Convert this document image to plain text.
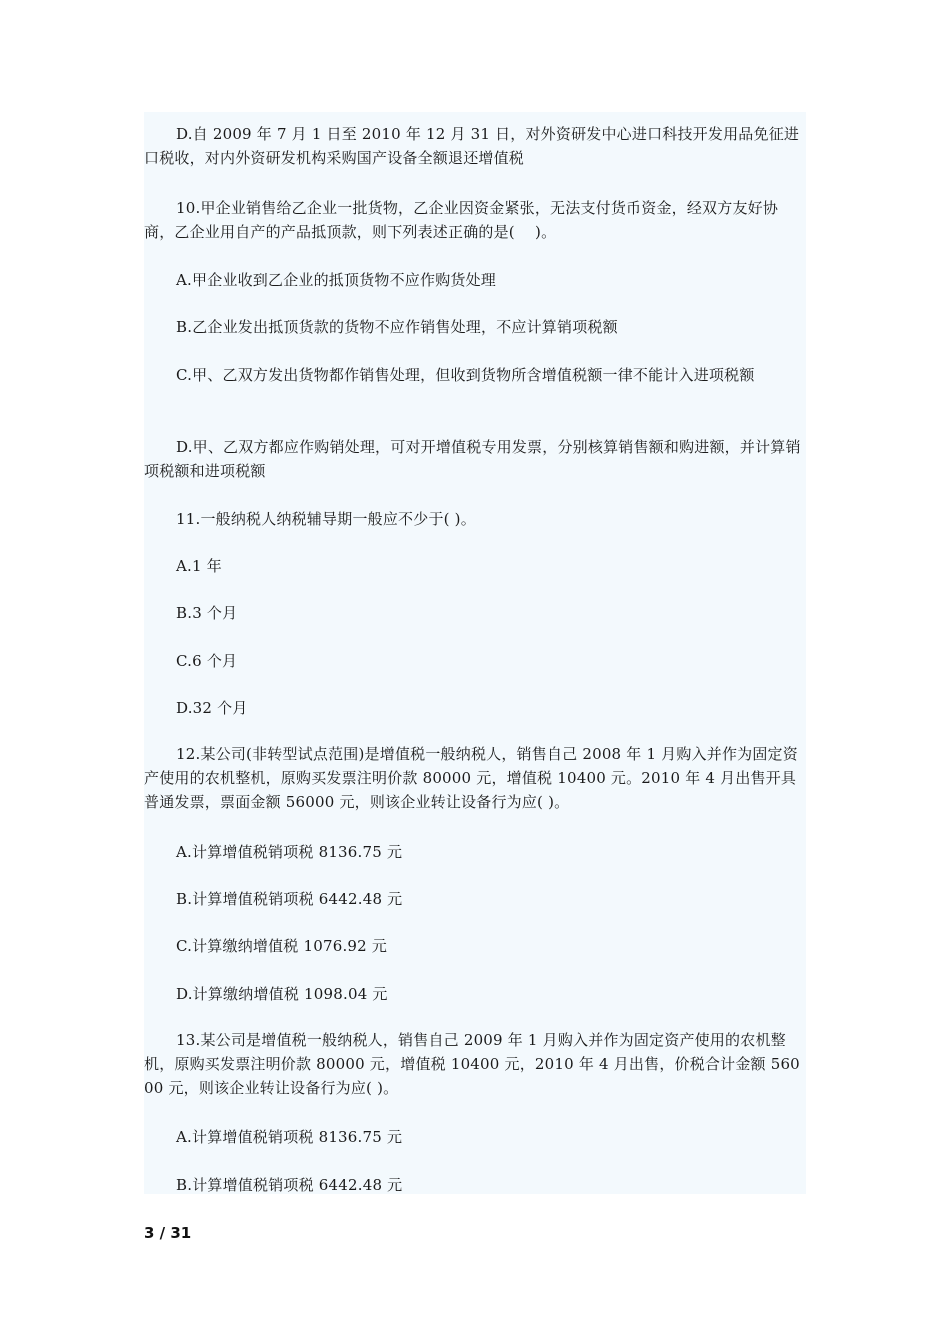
D.自 2009 年 7 月 1 日至 2010 年 12 月 31 日，对外资研发中心进口科技开发用品免征进口税收，对内外资研发机构采购国产设备全额退还增值税

10.甲企业销售给乙企业一批货物，乙企业因资金紧张，无法支付货币资金，经双方友好协商，乙企业用自产的产品抵顶款，则下列表述正确的是(　 )。

A.甲企业收到乙企业的抵顶货物不应作购货处理

B.乙企业发出抵顶货款的货物不应作销售处理，不应计算销项税额

C.甲、乙双方发出货物都作销售处理，但收到货物所含增值税额一律不能计入进项税额

D.甲、乙双方都应作购销处理，可对开增值税专用发票，分别核算销售额和购进额，并计算销项税额和进项税额

11.一般纳税人纳税辅导期一般应不少于( )。

A.1 年

B.3 个月

C.6 个月

D.32 个月

12.某公司(非转型试点范围)是增值税一般纳税人，销售自己 2008 年 1 月购入并作为固定资产使用的农机整机，原购买发票注明价款 80000 元，增值税 10400 元。2010 年 4 月出售开具普通发票，票面金额 56000 元，则该企业转让设备行为应( )。

A.计算增值税销项税 8136.75 元

B.计算增值税销项税 6442.48 元

C.计算缴纳增值税 1076.92 元

D.计算缴纳增值税 1098.04 元

13.某公司是增值税一般纳税人，销售自己 2009 年 1 月购入并作为固定资产使用的农机整机，原购买发票注明价款 80000 元，增值税 10400 元，2010 年 4 月出售，价税合计金额 56000 元，则该企业转让设备行为应( )。

A.计算增值税销项税 8136.75 元

B.计算增值税销项税 6442.48 元

3 / 31
